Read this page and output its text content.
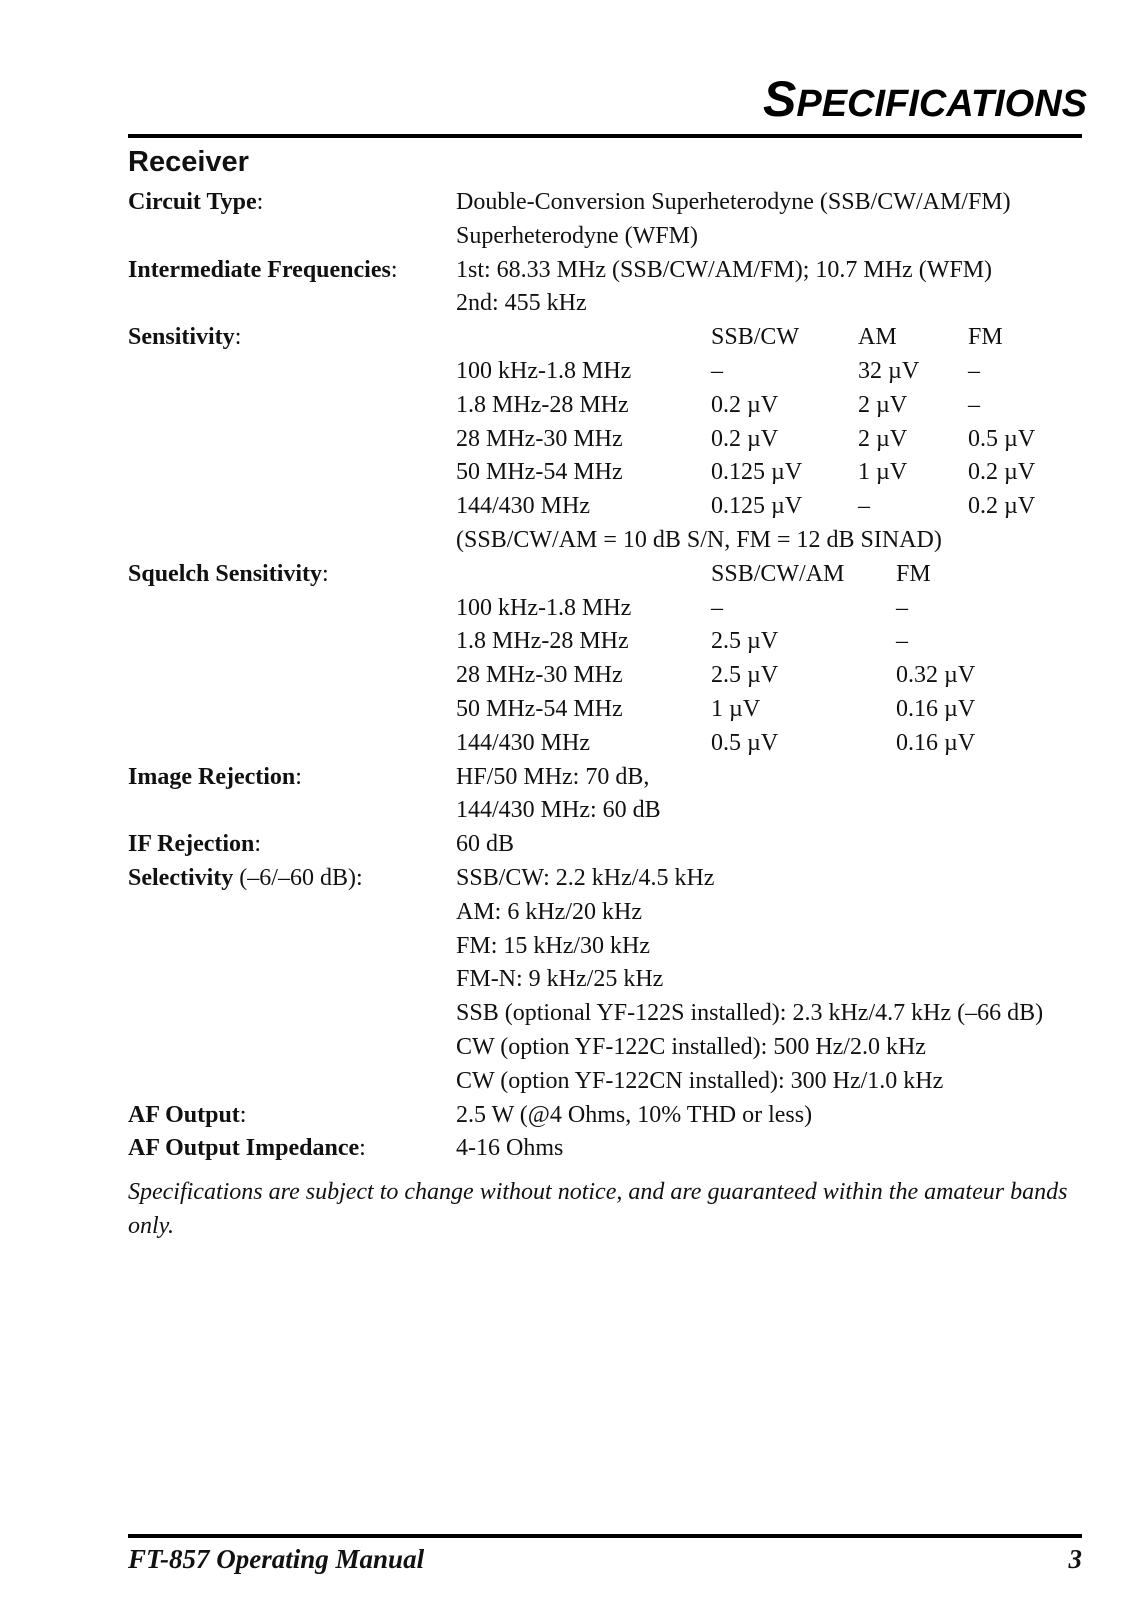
SPECIFICATIONS
Receiver
Circuit Type:	Double-Conversion Superheterodyne (SSB/CW/AM/FM)
Superheterodyne (WFM)
Intermediate Frequencies: 1st: 68.33 MHz (SSB/CW/AM/FM); 10.7 MHz (WFM)
2nd: 455 kHz
Sensitivity:	SSB/CW AM	FM
100 kHz-1.8 MHz	–	32 µV –
1.8 MHz-28 MHz	0.2 µV	2 µV	–
28 MHz-30 MHz	0.2 µV	2 µV	0.5 µV
50 MHz-54 MHz	0.125 µV 1 µV	0.2 µV
144/430 MHz	0.125 µV –	0.2 µV
(SSB/CW/AM = 10 dB S/N, FM = 12 dB SINAD)
Squelch Sensitivity:	SSB/CW/AM FM
100 kHz-1.8 MHz	–	–
1.8 MHz-28 MHz	2.5 µV	–
28 MHz-30 MHz	2.5 µV	0.32 µV
50 MHz-54 MHz	1 µV	0.16 µV
144/430 MHz	0.5 µV	0.16 µV
Image Rejection:	HF/50 MHz: 70 dB,
144/430 MHz: 60 dB
IF Rejection:	60 dB
Selectivity (–6/–60 dB):	SSB/CW: 2.2 kHz/4.5 kHz
AM: 6 kHz/20 kHz
FM: 15 kHz/30 kHz
FM-N: 9 kHz/25 kHz
SSB (optional YF-122S installed): 2.3 kHz/4.7 kHz (–66 dB)
CW (option YF-122C installed): 500 Hz/2.0 kHz
CW (option YF-122CN installed): 300 Hz/1.0 kHz
AF Output:	2.5 W (@4 Ohms, 10% THD or less)
AF Output Impedance:	4-16 Ohms
Specifications are subject to change without notice, and are guaranteed within the amateur bands only.
FT-857 Operating Manual	3
